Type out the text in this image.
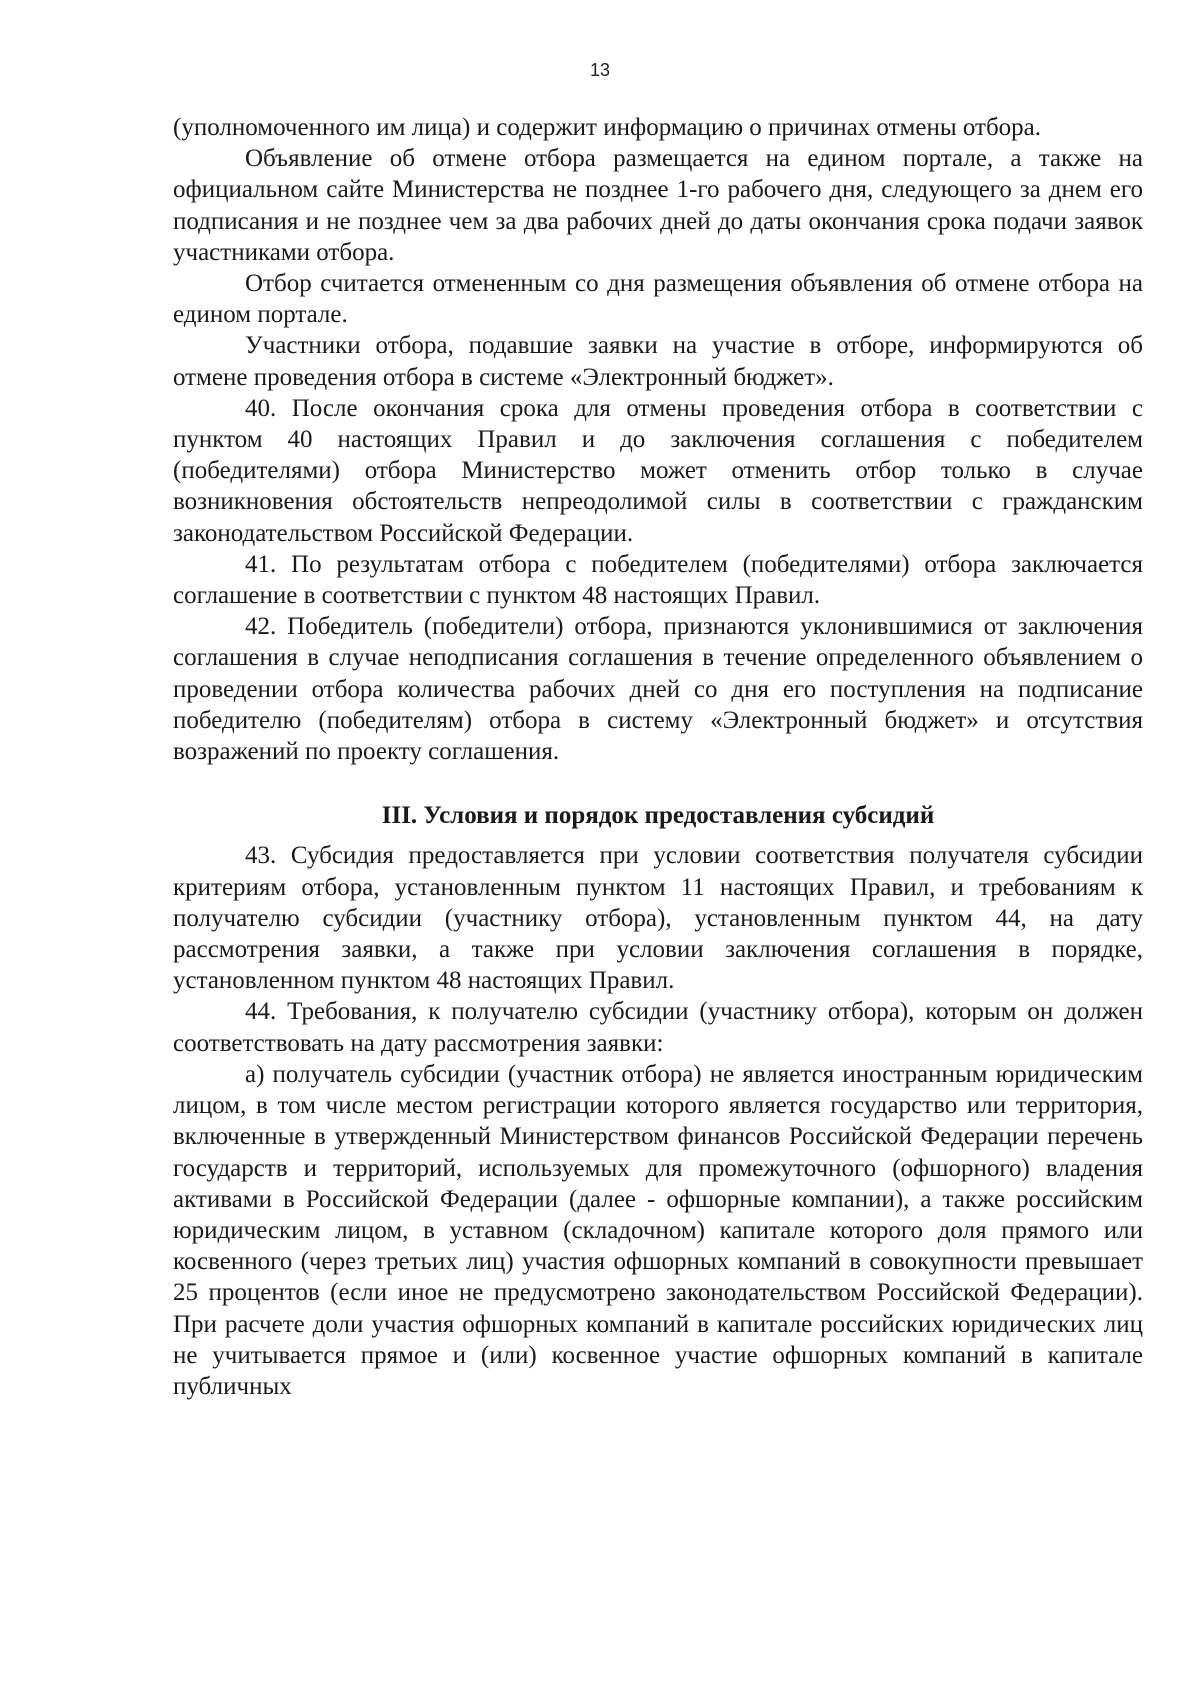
13

(уполномоченного им лица) и содержит информацию о причинах отмены отбора.

Объявление об отмене отбора размещается на едином портале, а также на официальном сайте Министерства не позднее 1-го рабочего дня, следующего за днем его подписания и не позднее чем за два рабочих дней до даты окончания срока подачи заявок участниками отбора.

Отбор считается отмененным со дня размещения объявления об отмене отбора на едином портале.

Участники отбора, подавшие заявки на участие в отборе, информируются об отмене проведения отбора в системе «Электронный бюджет».

40. После окончания срока для отмены проведения отбора в соответствии с пунктом 40 настоящих Правил и до заключения соглашения с победителем (победителями) отбора Министерство может отменить отбор только в случае возникновения обстоятельств непреодолимой силы в соответствии с гражданским законодательством Российской Федерации.

41. По результатам отбора с победителем (победителями) отбора заключается соглашение в соответствии с пунктом 48 настоящих Правил.

42. Победитель (победители) отбора, признаются уклонившимися от заключения соглашения в случае неподписания соглашения в течение определенного объявлением о проведении отбора количества рабочих дней со дня его поступления на подписание победителю (победителям) отбора в систему «Электронный бюджет» и отсутствия возражений по проекту соглашения.

III. Условия и порядок предоставления субсидий

43. Субсидия предоставляется при условии соответствия получателя субсидии критериям отбора, установленным пунктом 11 настоящих Правил, и требованиям к получателю субсидии (участнику отбора), установленным пунктом 44, на дату рассмотрения заявки, а также при условии заключения соглашения в порядке, установленном пунктом 48 настоящих Правил.

44. Требования, к получателю субсидии (участнику отбора), которым он должен соответствовать на дату рассмотрения заявки:

а) получатель субсидии (участник отбора) не является иностранным юридическим лицом, в том числе местом регистрации которого является государство или территория, включенные в утвержденный Министерством финансов Российской Федерации перечень государств и территорий, используемых для промежуточного (офшорного) владения активами в Российской Федерации (далее - офшорные компании), а также российским юридическим лицом, в уставном (складочном) капитале которого доля прямого или косвенного (через третьих лиц) участия офшорных компаний в совокупности превышает 25 процентов (если иное не предусмотрено законодательством Российской Федерации). При расчете доли участия офшорных компаний в капитале российских юридических лиц не учитывается прямое и (или) косвенное участие офшорных компаний в капитале публичных
